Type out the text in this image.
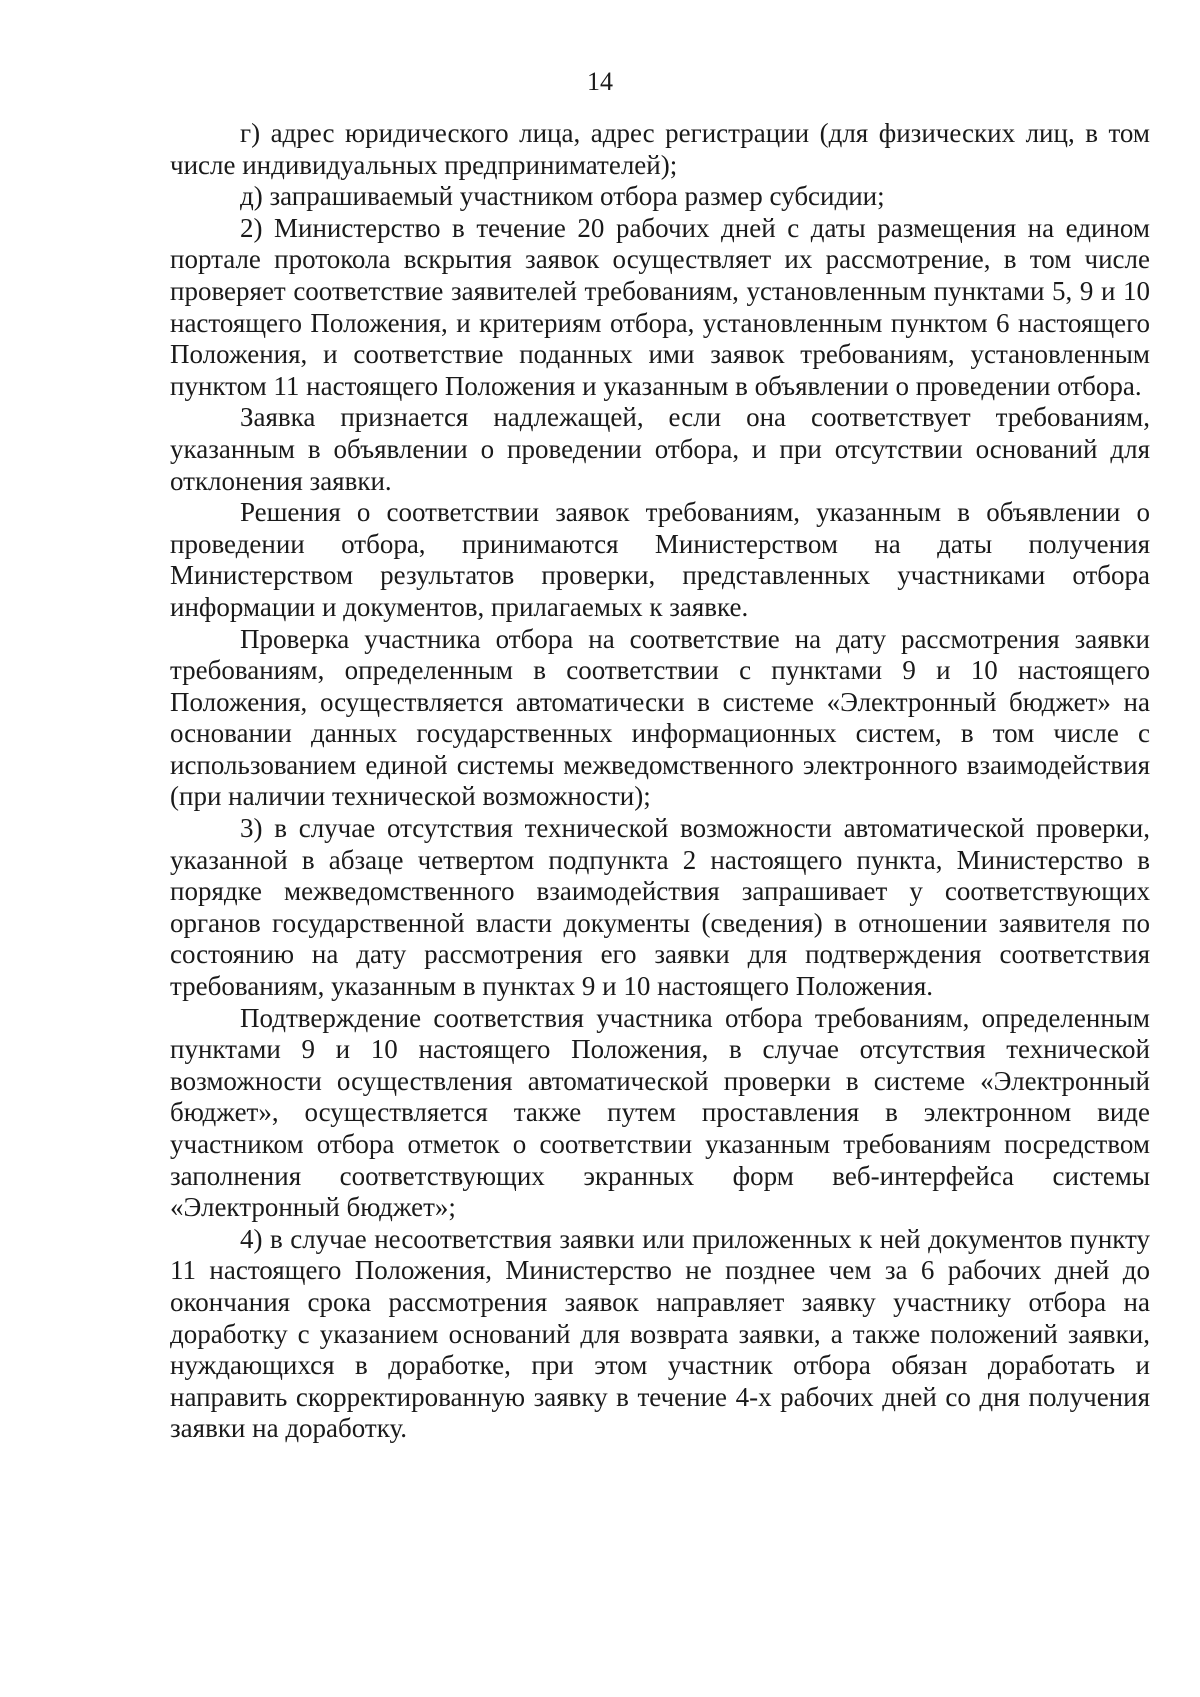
14

г) адрес юридического лица, адрес регистрации (для физических лиц, в том числе индивидуальных предпринимателей);

д) запрашиваемый участником отбора размер субсидии;

2) Министерство в течение 20 рабочих дней с даты размещения на едином портале протокола вскрытия заявок осуществляет их рассмотрение, в том числе проверяет соответствие заявителей требованиям, установленным пунктами 5, 9 и 10 настоящего Положения, и критериям отбора, установленным пунктом 6 настоящего Положения, и соответствие поданных ими заявок требованиям, установленным пунктом 11 настоящего Положения и указанным в объявлении о проведении отбора.

Заявка признается надлежащей, если она соответствует требованиям, указанным в объявлении о проведении отбора, и при отсутствии оснований для отклонения заявки.

Решения о соответствии заявок требованиям, указанным в объявлении о проведении отбора, принимаются Министерством на даты получения Министерством результатов проверки, представленных участниками отбора информации и документов, прилагаемых к заявке.

Проверка участника отбора на соответствие на дату рассмотрения заявки требованиям, определенным в соответствии с пунктами 9 и 10 настоящего Положения, осуществляется автоматически в системе «Электронный бюджет» на основании данных государственных информационных систем, в том числе с использованием единой системы межведомственного электронного взаимодействия (при наличии технической возможности);

3) в случае отсутствия технической возможности автоматической проверки, указанной в абзаце четвертом подпункта 2 настоящего пункта, Министерство в порядке межведомственного взаимодействия запрашивает у соответствующих органов государственной власти документы (сведения) в отношении заявителя по состоянию на дату рассмотрения его заявки для подтверждения соответствия требованиям, указанным в пунктах 9 и 10 настоящего Положения.

Подтверждение соответствия участника отбора требованиям, определенным пунктами 9 и 10 настоящего Положения, в случае отсутствия технической возможности осуществления автоматической проверки в системе «Электронный бюджет», осуществляется также путем проставления в электронном виде участником отбора отметок о соответствии указанным требованиям посредством заполнения соответствующих экранных форм веб-интерфейса системы «Электронный бюджет»;

4) в случае несоответствия заявки или приложенных к ней документов пункту 11 настоящего Положения, Министерство не позднее чем за 6 рабочих дней до окончания срока рассмотрения заявок направляет заявку участнику отбора на доработку с указанием оснований для возврата заявки, а также положений заявки, нуждающихся в доработке, при этом участник отбора обязан доработать и направить скорректированную заявку в течение 4-х рабочих дней со дня получения заявки на доработку.
